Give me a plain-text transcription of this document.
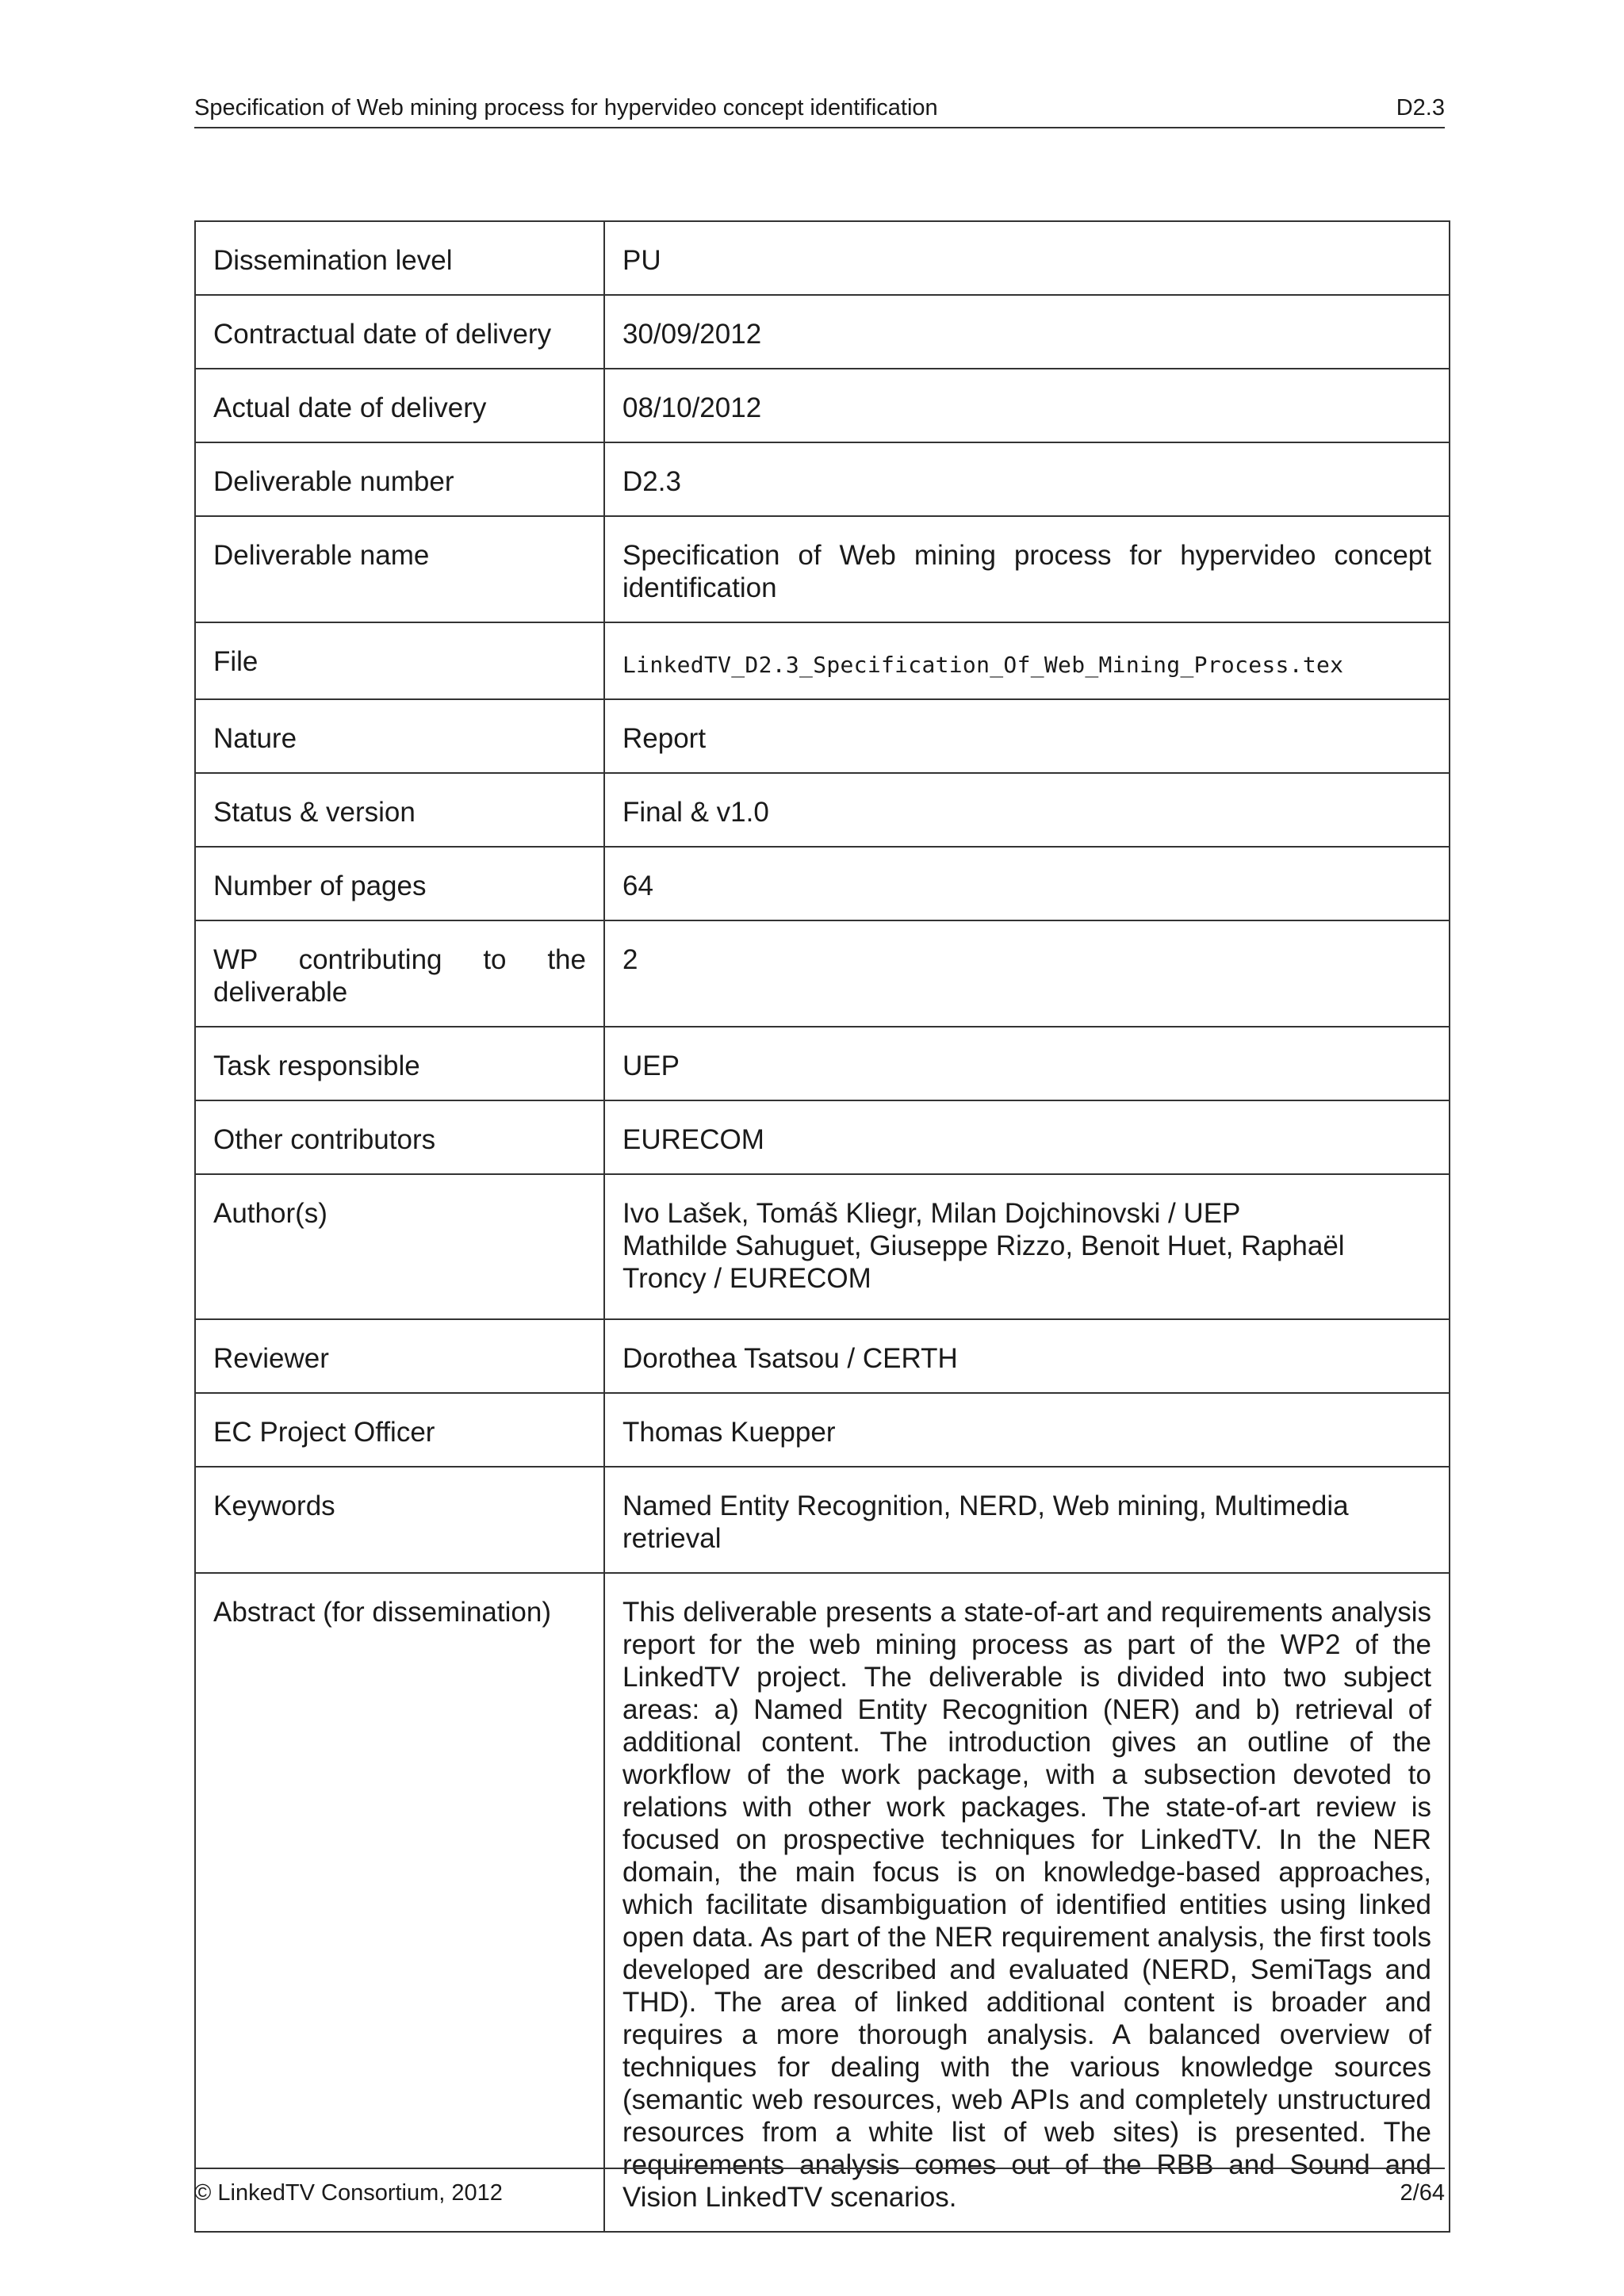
Specification of Web mining process for hypervideo concept identification	D2.3
Dissemination level	PU
Contractual date of delivery	30/09/2012
Actual date of delivery	08/10/2012
Deliverable number	D2.3
Deliverable name	Specification of Web mining process for hypervideo concept identification
File	LinkedTV_D2.3_Specification_Of_Web_Mining_Process.tex
Nature	Report
Status & version	Final & v1.0
Number of pages	64
WP contributing to the deliverable	2
Task responsible	UEP
Other contributors	EURECOM
Author(s)	Ivo Lašek, Tomáš Kliegr, Milan Dojchinovski / UEP
Mathilde Sahuguet, Giuseppe Rizzo, Benoit Huet, Raphaël Troncy / EURECOM

Reviewer	Dorothea Tsatsou / CERTH
EC Project Officer	Thomas Kuepper
Keywords	Named Entity Recognition, NERD, Web mining, Multimedia retrieval
Abstract (for dissemination)	This deliverable presents a state-of-art and requirements analysis report for the web mining process as part of the WP2 of the LinkedTV project. The deliverable is divided into two subject areas: a) Named Entity Recognition (NER) and b) retrieval of additional content. The introduction gives an outline of the workflow of the work package, with a subsection devoted to relations with other work packages. The state-of-art review is focused on prospective techniques for LinkedTV. In the NER domain, the main focus is on knowledge-based approaches, which facilitate disambiguation of identified entities using linked open data. As part of the NER requirement analysis, the first tools developed are described and evaluated (NERD, SemiTags and THD). The area of linked additional content is broader and requires a more thorough analysis. A balanced overview of techniques for dealing with the various knowledge sources (semantic web resources, web APIs and completely unstructured resources from a white list of web sites) is presented. The requirements analysis comes out of the RBB and Sound and Vision LinkedTV scenarios.
© LinkedTV Consortium, 2012	2/64
